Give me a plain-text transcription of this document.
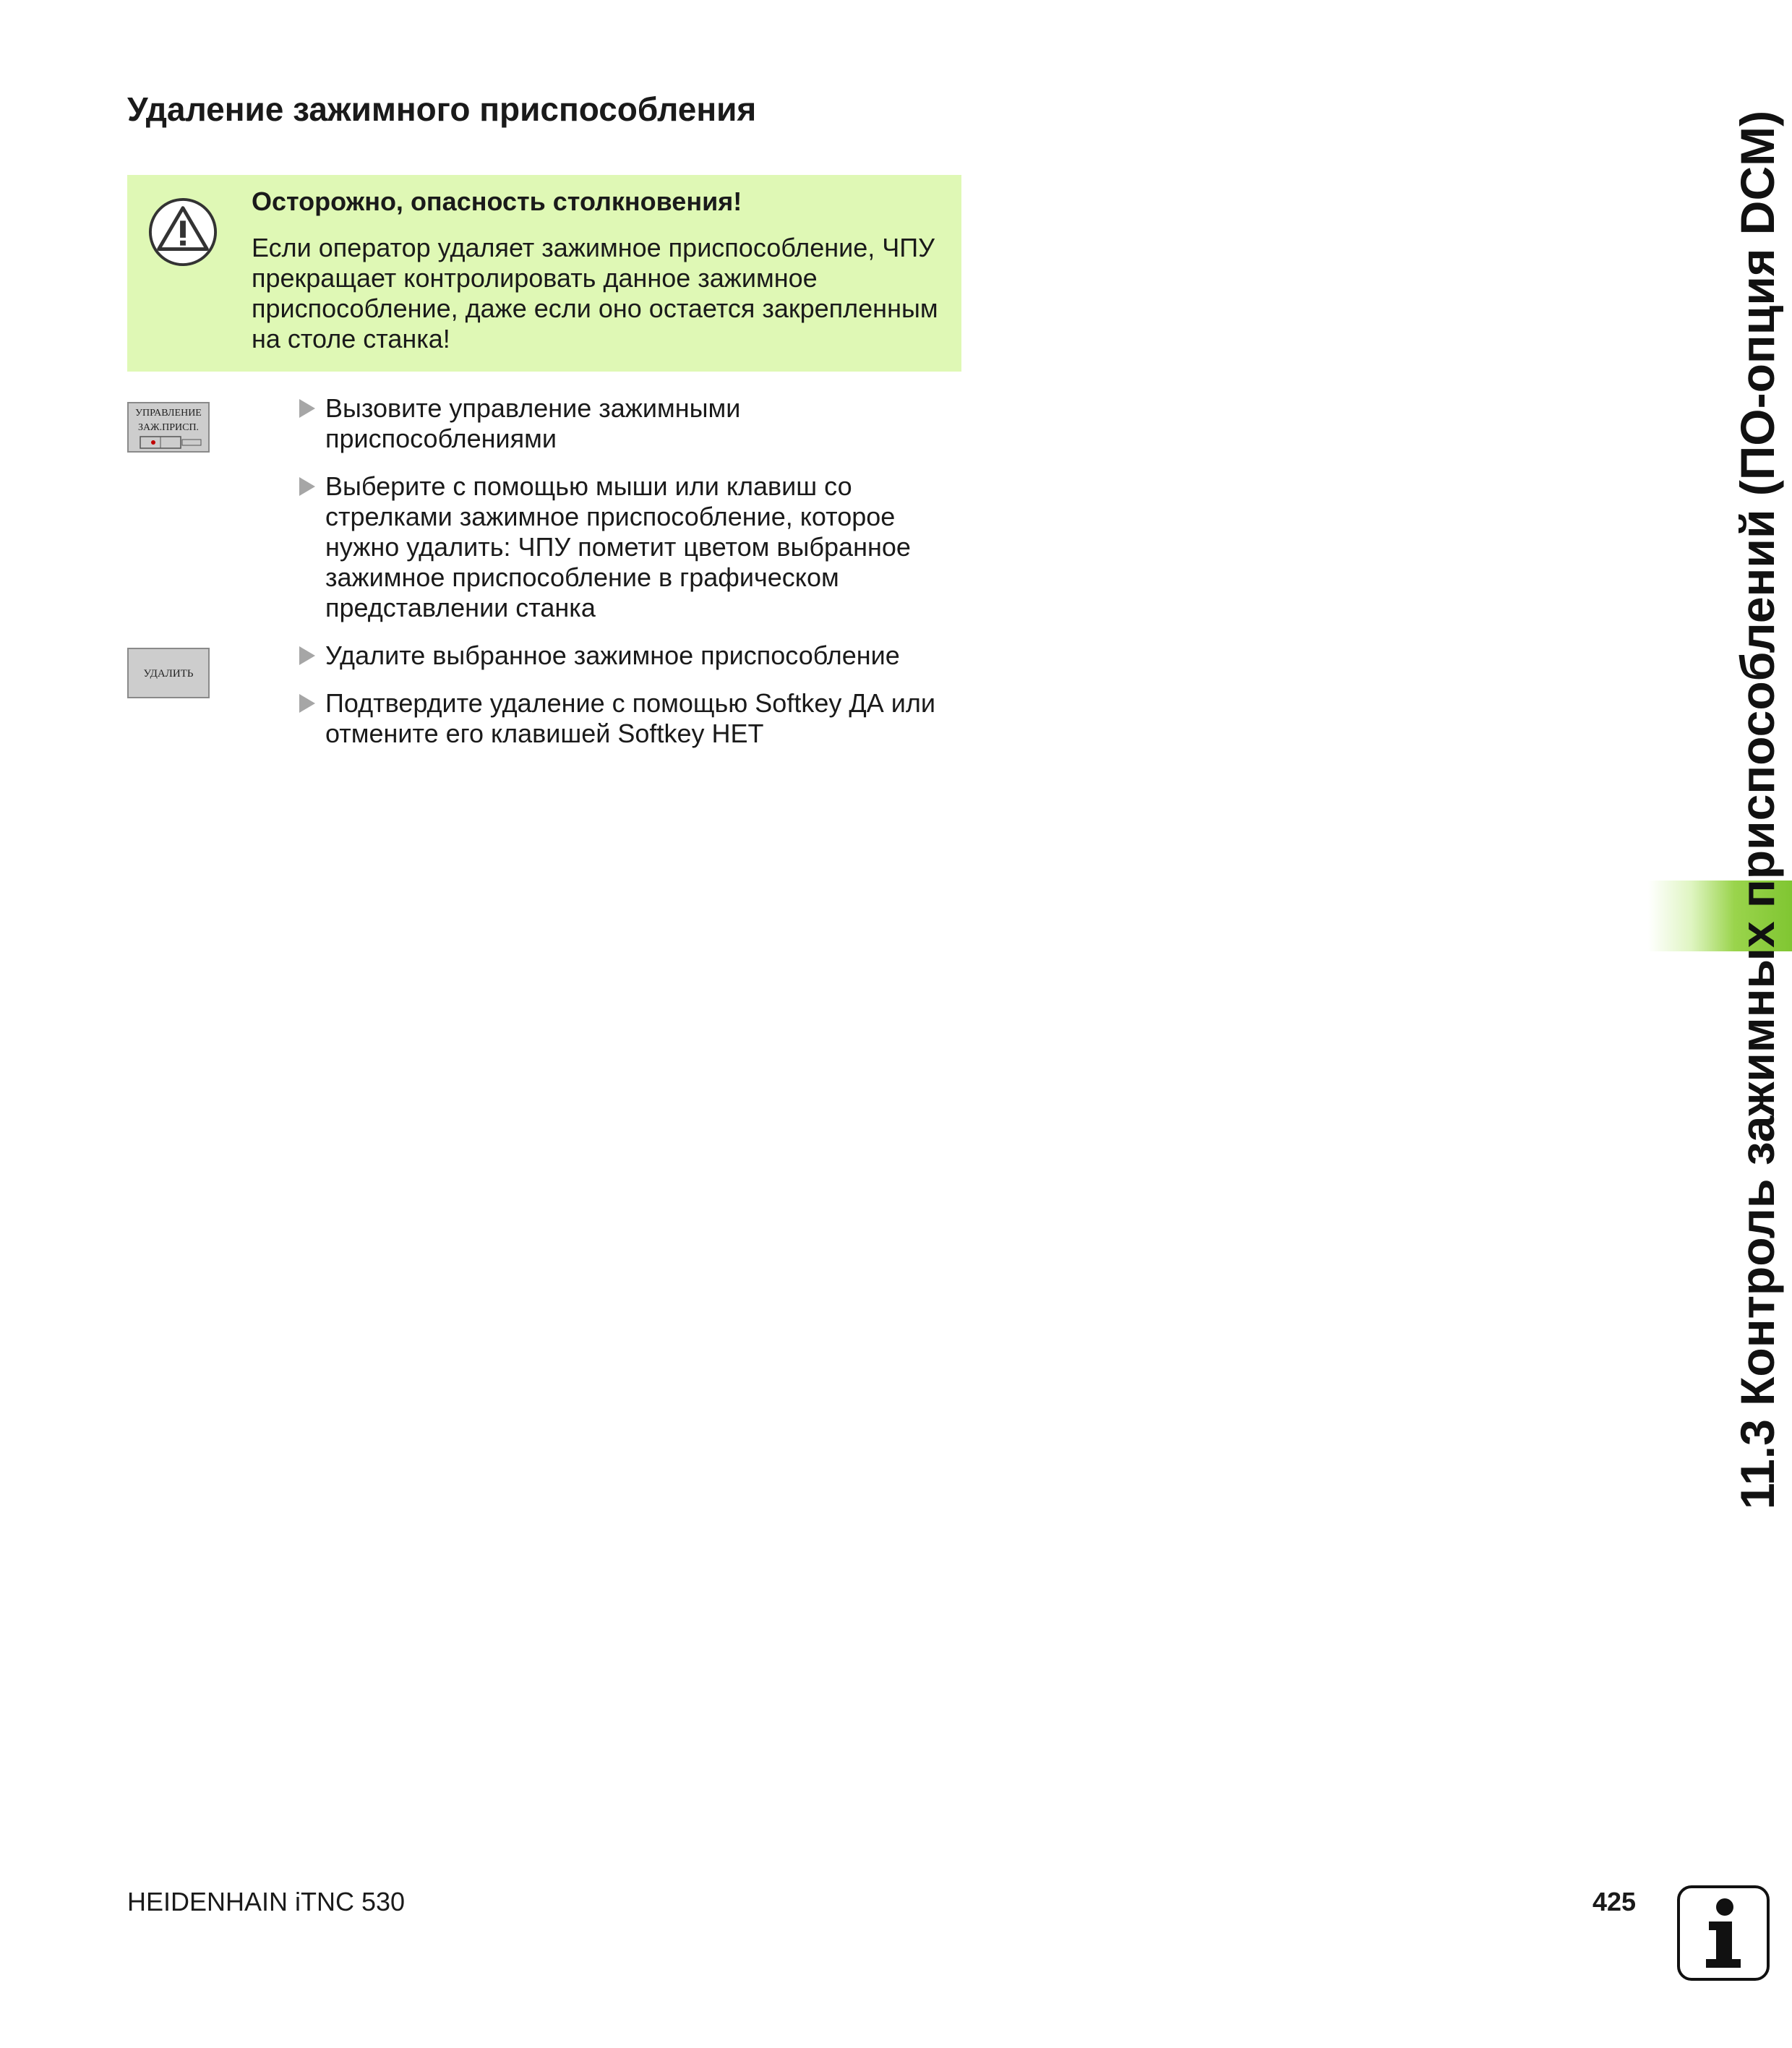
Удаление зажимного приспособления
Осторожно, опасность столкновения!
Если оператор удаляет зажимное приспособление, ЧПУ прекращает контролировать данное зажимное приспособление, даже если оно остается закрепленным на столе станка!
УПРАВЛЕНИЕ
ЗАЖ.ПРИСП.
УДАЛИТЬ
Вызовите управление зажимными приспособлениями
Выберите с помощью мыши или клавиш со стрелками зажимное приспособление, которое нужно удалить: ЧПУ пометит цветом выбранное зажимное приспособление в графическом представлении станка
Удалите выбранное зажимное приспособление
Подтвердите удаление с помощью Softkey ДА или отмените его клавишей Softkey НЕТ	11.3 Контроль зажимных приспособлений (ПО-опция DCM)
HEIDENHAIN iTNC 530	425
